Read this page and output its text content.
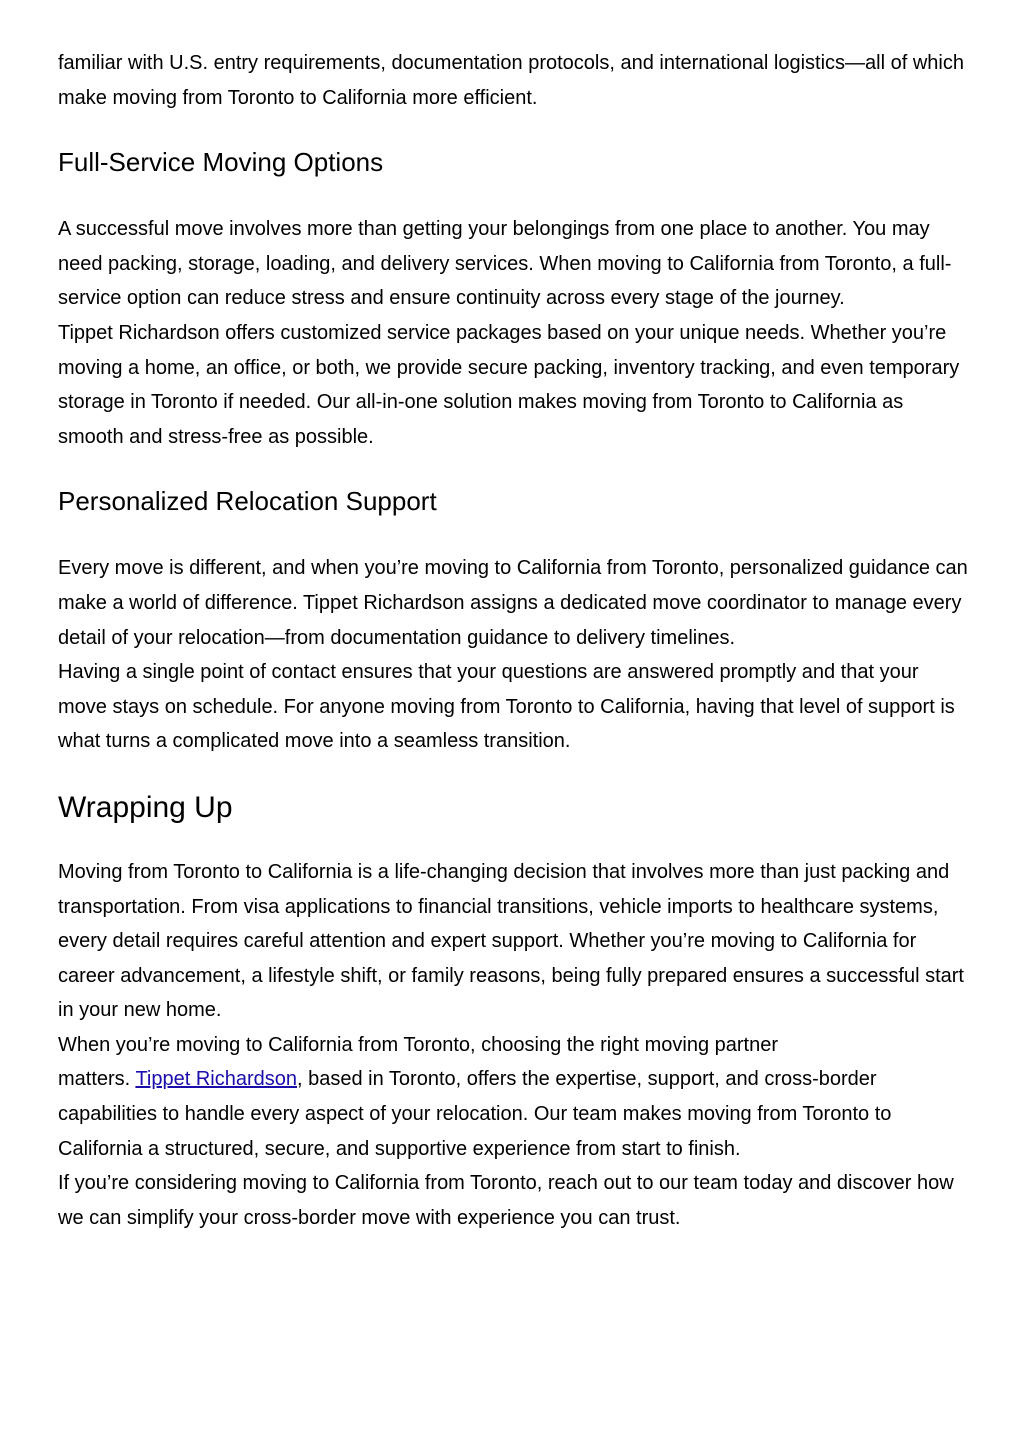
familiar with U.S. entry requirements, documentation protocols, and international logistics—all of which make moving from Toronto to California more efficient.

Full-Service Moving Options

A successful move involves more than getting your belongings from one place to another. You may need packing, storage, loading, and delivery services. When moving to California from Toronto, a full-service option can reduce stress and ensure continuity across every stage of the journey.

Tippet Richardson offers customized service packages based on your unique needs. Whether you’re moving a home, an office, or both, we provide secure packing, inventory tracking, and even temporary storage in Toronto if needed. Our all-in-one solution makes moving from Toronto to California as smooth and stress-free as possible.

Personalized Relocation Support

Every move is different, and when you’re moving to California from Toronto, personalized guidance can make a world of difference. Tippet Richardson assigns a dedicated move coordinator to manage every detail of your relocation—from documentation guidance to delivery timelines.

Having a single point of contact ensures that your questions are answered promptly and that your move stays on schedule. For anyone moving from Toronto to California, having that level of support is what turns a complicated move into a seamless transition.

Wrapping Up

Moving from Toronto to California is a life-changing decision that involves more than just packing and transportation. From visa applications to financial transitions, vehicle imports to healthcare systems, every detail requires careful attention and expert support. Whether you’re moving to California for career advancement, a lifestyle shift, or family reasons, being fully prepared ensures a successful start in your new home.

When you’re moving to California from Toronto, choosing the right moving partner
matters. Tippet Richardson, based in Toronto, offers the expertise, support, and cross-border capabilities to handle every aspect of your relocation. Our team makes moving from Toronto to California a structured, secure, and supportive experience from start to finish.

If you’re considering moving to California from Toronto, reach out to our team today and discover how we can simplify your cross-border move with experience you can trust.
